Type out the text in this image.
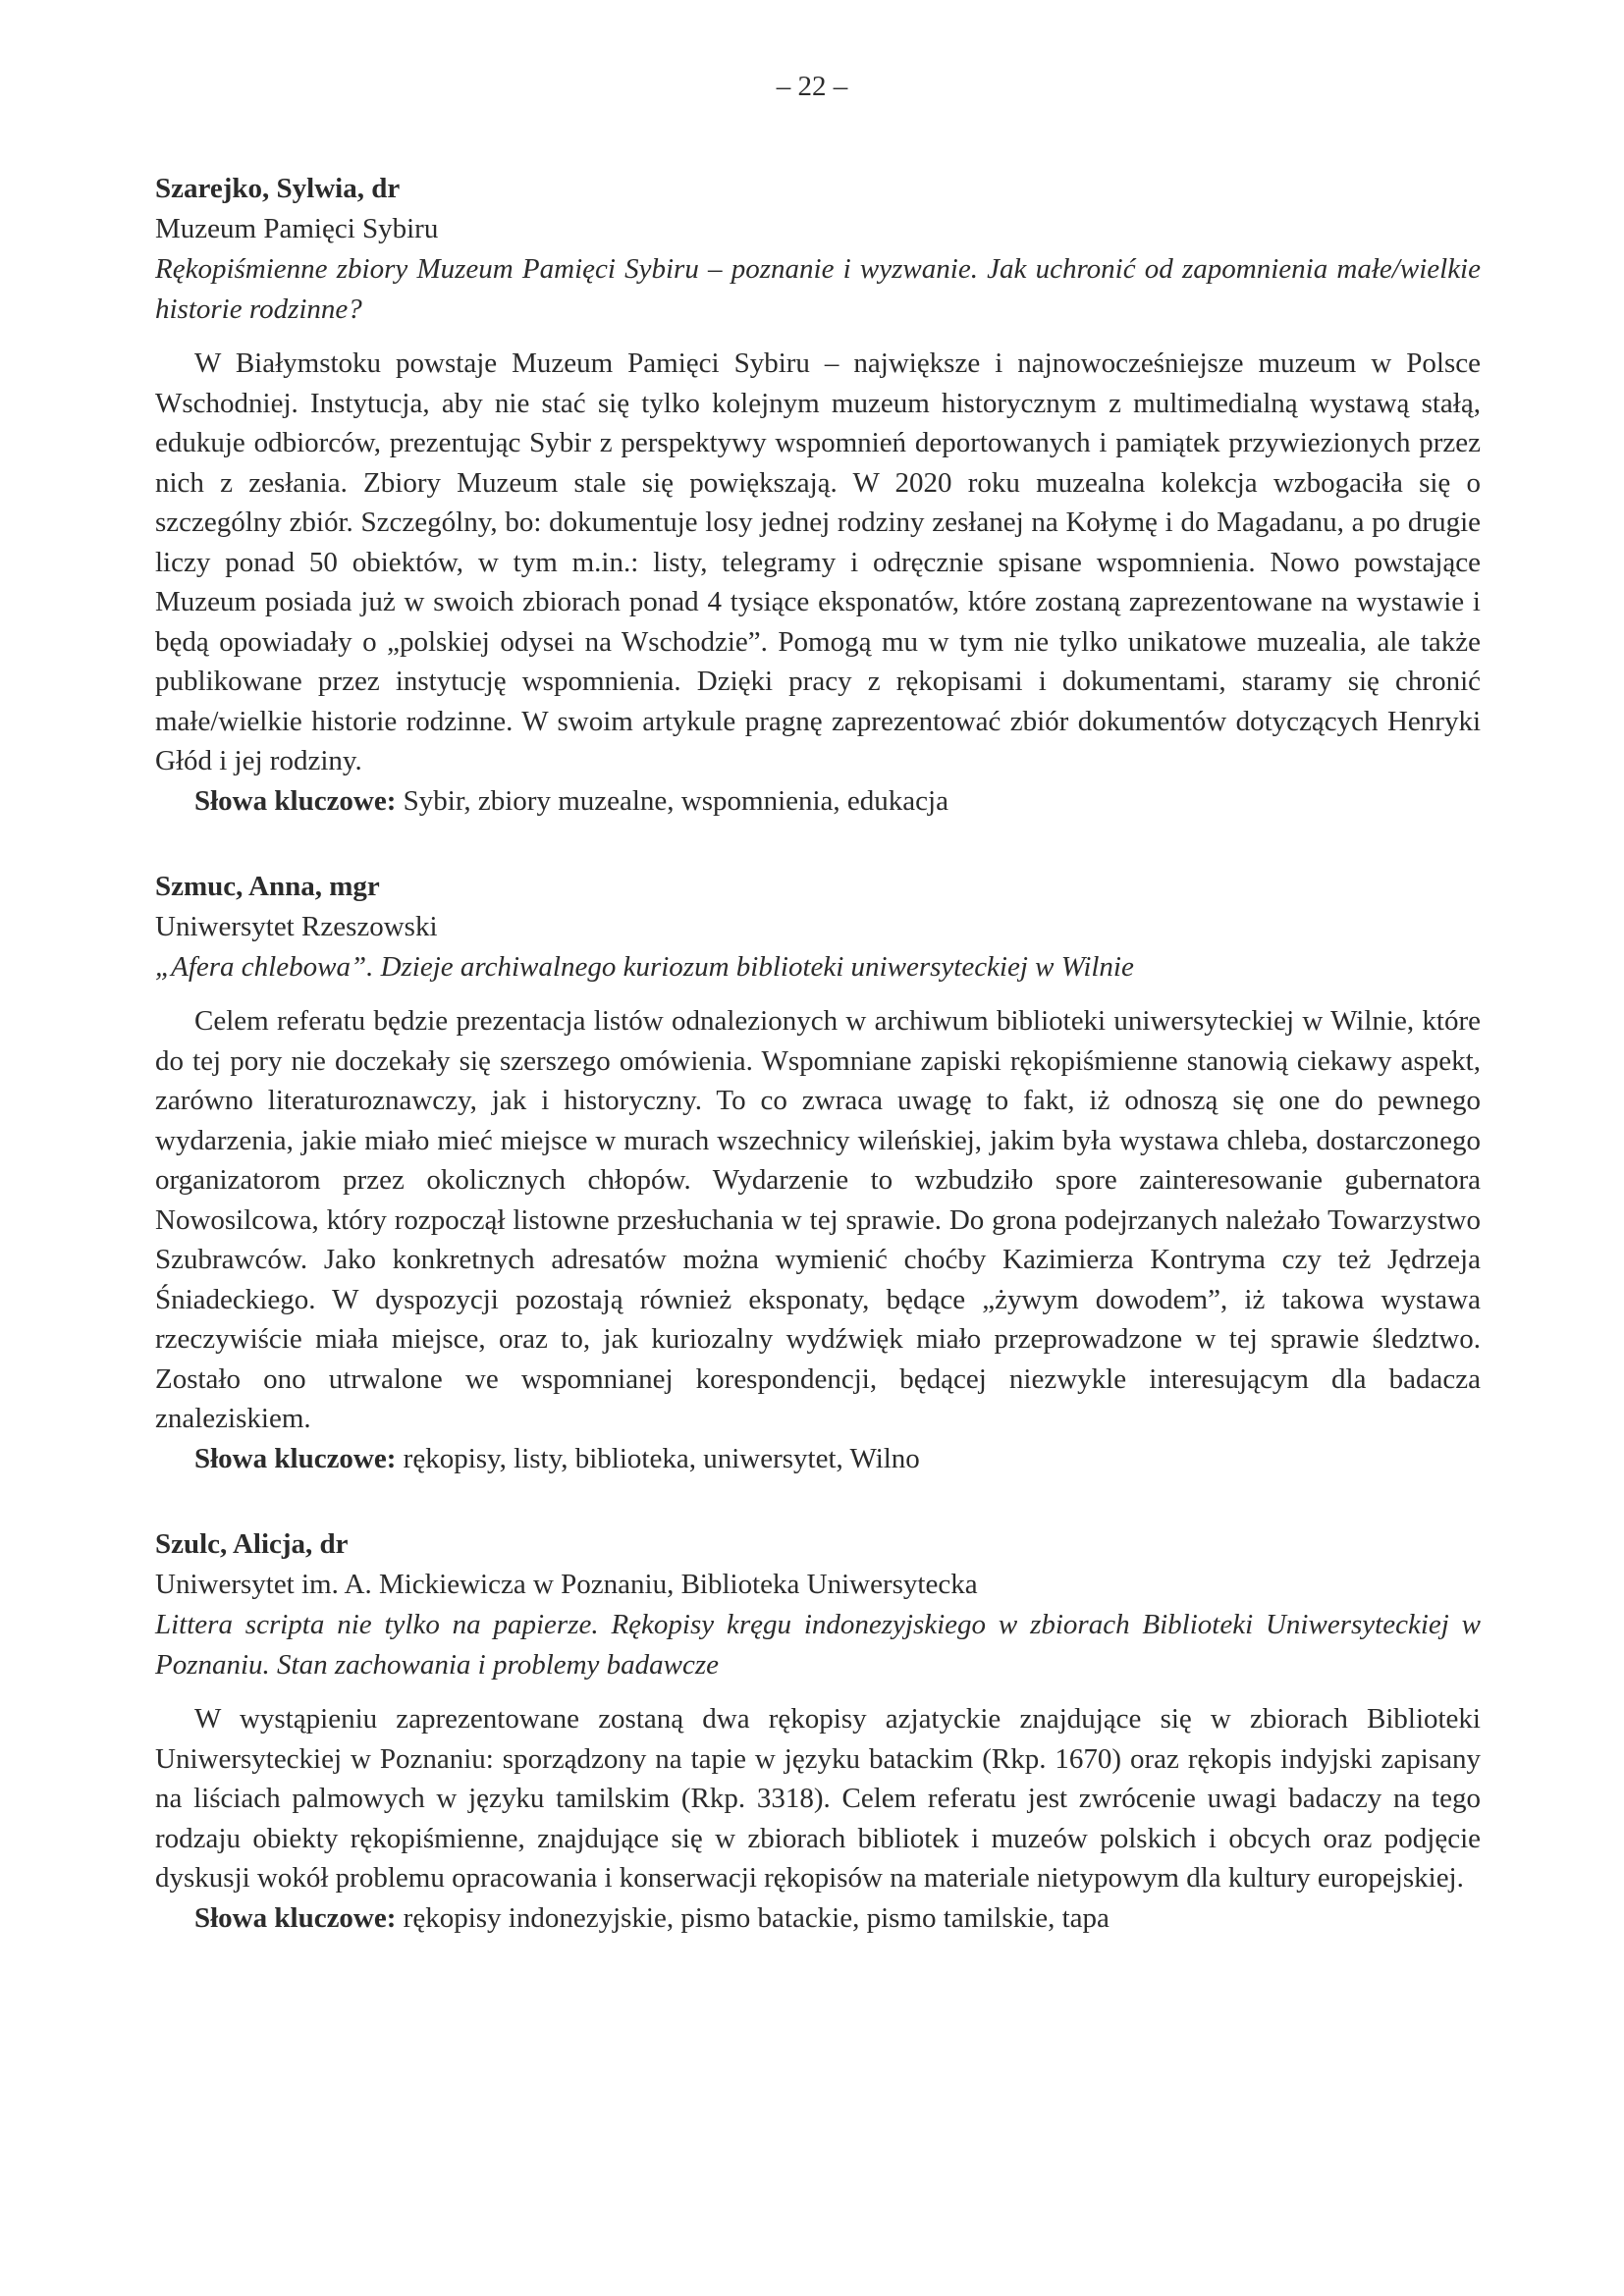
– 22 –

Szarejko, Sylwia, dr

Muzeum Pamięci Sybiru

Rękopiśmienne zbiory Muzeum Pamięci Sybiru – poznanie i wyzwanie. Jak uchronić od zapomnienia małe/wielkie historie rodzinne?

W Białymstoku powstaje Muzeum Pamięci Sybiru – największe i najnowocześniejsze muzeum w Polsce Wschodniej. Instytucja, aby nie stać się tylko kolejnym muzeum historycznym z multimedialną wystawą stałą, edukuje odbiorców, prezentując Sybir z perspektywy wspomnień deportowanych i pamiątek przywiezionych przez nich z zesłania. Zbiory Muzeum stale się powiększają. W 2020 roku muzealna kolekcja wzbogaciła się o szczególny zbiór. Szczególny, bo: dokumentuje losy jednej rodziny zesłanej na Kołymę i do Magadanu, a po drugie liczy ponad 50 obiektów, w tym m.in.: listy, telegramy i odręcznie spisane wspomnienia. Nowo powstające Muzeum posiada już w swoich zbiorach ponad 4 tysiące eksponatów, które zostaną zaprezentowane na wystawie i będą opowiadały o „polskiej odysei na Wschodzie”. Pomogą mu w tym nie tylko unikatowe muzealia, ale także publikowane przez instytucję wspomnienia. Dzięki pracy z rękopisami i dokumentami, staramy się chronić małe/wielkie historie rodzinne. W swoim artykule pragnę zaprezentować zbiór dokumentów dotyczących Henryki Głód i jej rodziny.

Słowa kluczowe: Sybir, zbiory muzealne, wspomnienia, edukacja

Szmuc, Anna, mgr

Uniwersytet Rzeszowski

„Afera chlebowa”. Dzieje archiwalnego kuriozum biblioteki uniwersyteckiej w Wilnie

Celem referatu będzie prezentacja listów odnalezionych w archiwum biblioteki uniwersyteckiej w Wilnie, które do tej pory nie doczekały się szerszego omówienia. Wspomniane zapiski rękopiśmienne stanowią ciekawy aspekt, zarówno literaturoznawczy, jak i historyczny. To co zwraca uwagę to fakt, iż odnoszą się one do pewnego wydarzenia, jakie miało mieć miejsce w murach wszechnicy wileńskiej, jakim była wystawa chleba, dostarczonego organizatorom przez okolicznych chłopów. Wydarzenie to wzbudziło spore zainteresowanie gubernatora Nowosilcowa, który rozpoczął listowne przesłuchania w tej sprawie. Do grona podejrzanych należało Towarzystwo Szubrawców. Jako konkretnych adresatów można wymienić choćby Kazimierza Kontryma czy też Jędrzeja Śniadeckiego. W dyspozycji pozostają również eksponaty, będące „żywym dowodem”, iż takowa wystawa rzeczywiście miała miejsce, oraz to, jak kuriozalny wydźwięk miało przeprowadzone w tej sprawie śledztwo. Zostało ono utrwalone we wspomnianej korespondencji, będącej niezwykle interesującym dla badacza znaleziskiem.

Słowa kluczowe: rękopisy, listy, biblioteka, uniwersytet, Wilno

Szulc, Alicja, dr

Uniwersytet im. A. Mickiewicza w Poznaniu, Biblioteka Uniwersytecka

Littera scripta nie tylko na papierze. Rękopisy kręgu indonezyjskiego w zbiorach Biblioteki Uniwersyteckiej w Poznaniu. Stan zachowania i problemy badawcze

W wystąpieniu zaprezentowane zostaną dwa rękopisy azjatyckie znajdujące się w zbiorach Biblioteki Uniwersyteckiej w Poznaniu: sporządzony na tapie w języku batackim (Rkp. 1670) oraz rękopis indyjski zapisany na liściach palmowych w języku tamilskim (Rkp. 3318). Celem referatu jest zwrócenie uwagi badaczy na tego rodzaju obiekty rękopiśmienne, znajdujące się w zbiorach bibliotek i muzeów polskich i obcych oraz podjęcie dyskusji wokół problemu opracowania i konserwacji rękopisów na materiale nietypowym dla kultury europejskiej.

Słowa kluczowe: rękopisy indonezyjskie, pismo batackie, pismo tamilskie, tapa
